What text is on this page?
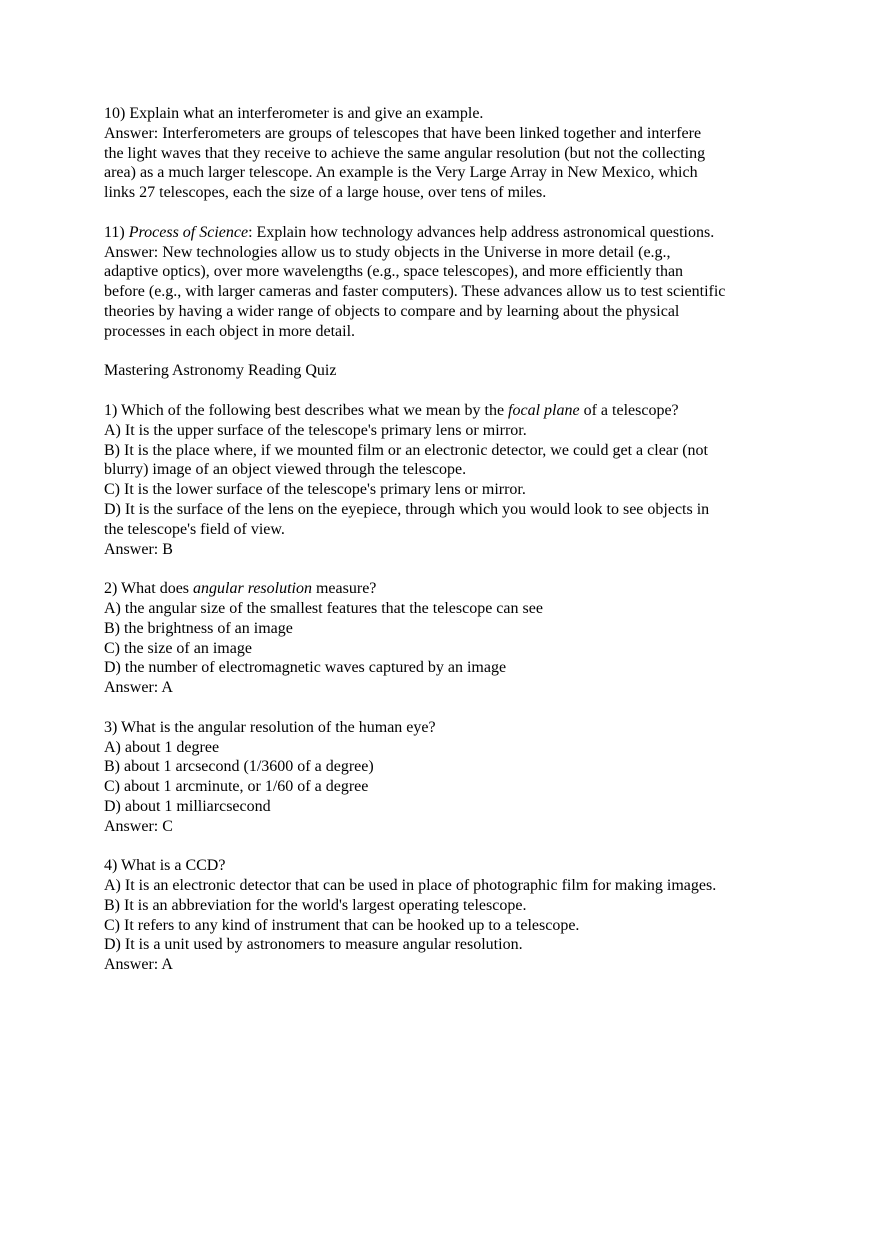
10) Explain what an interferometer is and give an example.
Answer: Interferometers are groups of telescopes that have been linked together and interfere
the light waves that they receive to achieve the same angular resolution (but not the collecting
area) as a much larger telescope. An example is the Very Large Array in New Mexico, which
links 27 telescopes, each the size of a large house, over tens of miles.
11) Process of Science: Explain how technology advances help address astronomical questions.
Answer: New technologies allow us to study objects in the Universe in more detail (e.g.,
adaptive optics), over more wavelengths (e.g., space telescopes), and more efficiently than
before (e.g., with larger cameras and faster computers). These advances allow us to test scientific
theories by having a wider range of objects to compare and by learning about the physical
processes in each object in more detail.
Mastering Astronomy Reading Quiz
1) Which of the following best describes what we mean by the focal plane of a telescope?
A) It is the upper surface of the telescope's primary lens or mirror.
B) It is the place where, if we mounted film or an electronic detector, we could get a clear (not
blurry) image of an object viewed through the telescope.
C) It is the lower surface of the telescope's primary lens or mirror.
D) It is the surface of the lens on the eyepiece, through which you would look to see objects in
the telescope's field of view.
Answer: B
2) What does angular resolution measure?
A) the angular size of the smallest features that the telescope can see
B) the brightness of an image
C) the size of an image
D) the number of electromagnetic waves captured by an image
Answer: A
3) What is the angular resolution of the human eye?
A) about 1 degree
B) about 1 arcsecond (1/3600 of a degree)
C) about 1 arcminute, or 1/60 of a degree
D) about 1 milliarcsecond
Answer: C
4) What is a CCD?
A) It is an electronic detector that can be used in place of photographic film for making images.
B) It is an abbreviation for the world's largest operating telescope.
C) It refers to any kind of instrument that can be hooked up to a telescope.
D) It is a unit used by astronomers to measure angular resolution.
Answer: A
